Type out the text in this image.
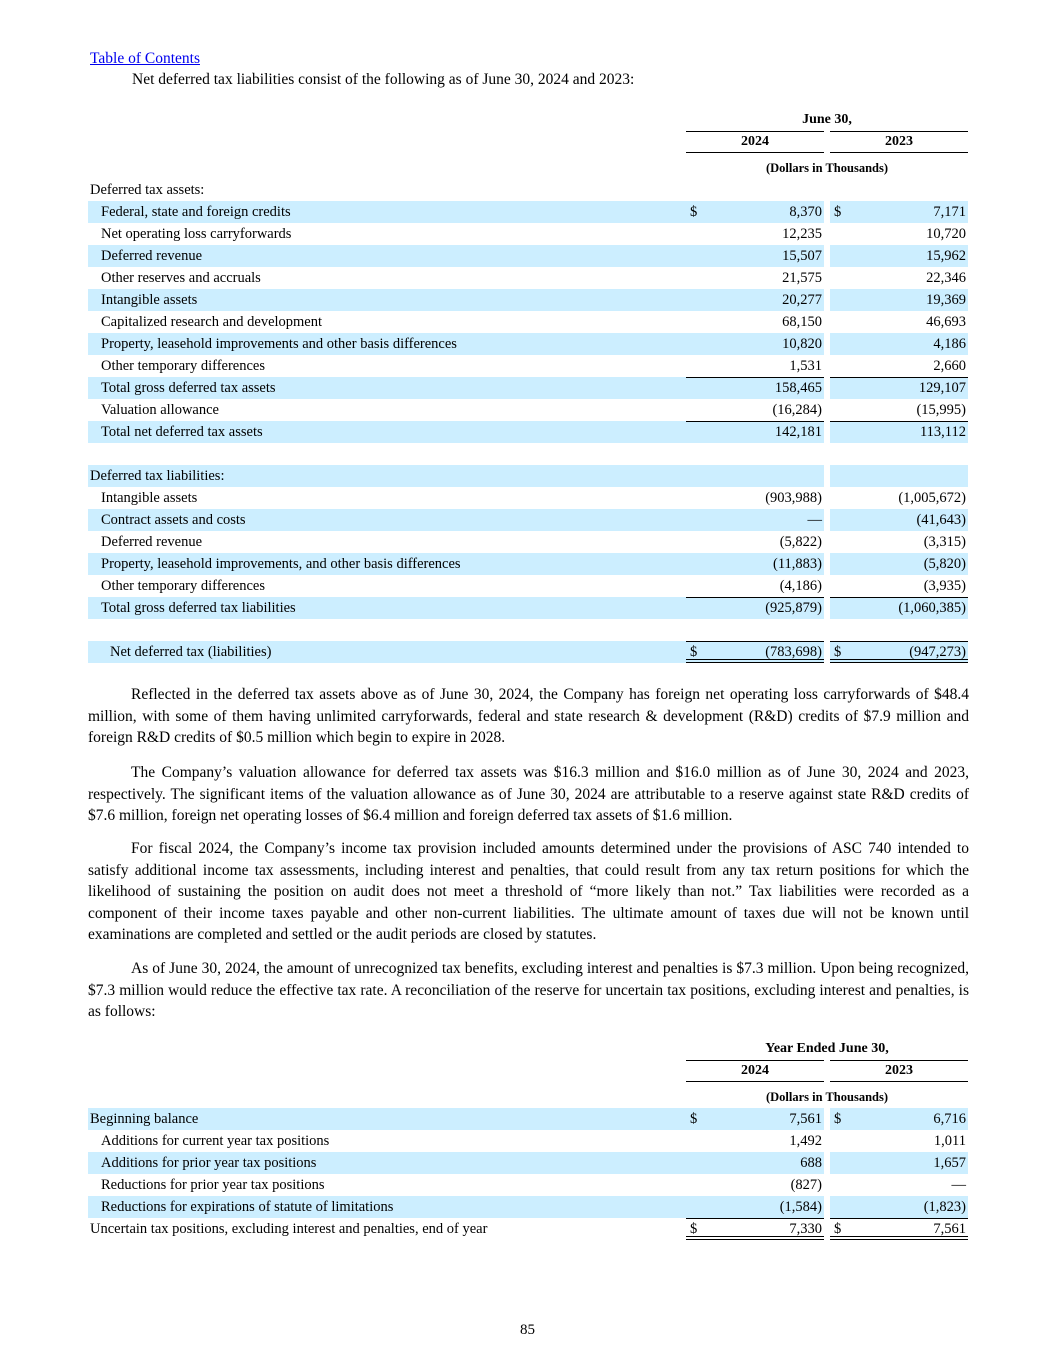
Table of Contents
Net deferred tax liabilities consist of the following as of June 30, 2024 and 2023:
June 30,
2024	2023
(Dollars in Thousands)
Deferred tax assets:
Federal, state and foreign credits	$	8,370 $	7,171
Net operating loss carryforwards	12,235	10,720
Deferred revenue	15,507	15,962
Other reserves and accruals	21,575	22,346
Intangible assets	20,277	19,369
Capitalized research and development	68,150	46,693
Property, leasehold improvements and other basis differences	10,820	4,186
Other temporary differences	1,531	2,660
Total gross deferred tax assets	158,465	129,107
Valuation allowance	(16,284)	(15,995)
Total net deferred tax assets	142,181	113,112
Deferred tax liabilities:
Intangible assets	(903,988)	(1,005,672)
Contract assets and costs	—	(41,643)
Deferred revenue	(5,822)	(3,315)
Property, leasehold improvements, and other basis differences	(11,883)	(5,820)
Other temporary differences	(4,186)	(3,935)
Total gross deferred tax liabilities	(925,879)	(1,060,385)
Net deferred tax (liabilities)	$	(783,698) $	(947,273)

Reflected in the deferred tax assets above as of June 30, 2024, the Company has foreign net operating loss carryforwards of $48.4 million, with some of them having unlimited carryforwards, federal and state research & development (R&D) credits of $7.9 million and foreign R&D credits of $0.5 million which begin to expire in 2028.

The Company’s valuation allowance for deferred tax assets was $16.3 million and $16.0 million as of June 30, 2024 and 2023, respectively. The significant items of the valuation allowance as of June 30, 2024 are attributable to a reserve against state R&D credits of $7.6 million, foreign net operating losses of $6.4 million and foreign deferred tax assets of $1.6 million.

For fiscal 2024, the Company’s income tax provision included amounts determined under the provisions of ASC 740 intended to satisfy additional income tax assessments, including interest and penalties, that could result from any tax return positions for which the likelihood of sustaining the position on audit does not meet a threshold of “more likely than not.” Tax liabilities were recorded as a component of their income taxes payable and other non-current liabilities. The ultimate amount of taxes due will not be known until examinations are completed and settled or the audit periods are closed by statutes.

As of June 30, 2024, the amount of unrecognized tax benefits, excluding interest and penalties is $7.3 million. Upon being recognized, $7.3 million would reduce the effective tax rate. A reconciliation of the reserve for uncertain tax positions, excluding interest and penalties, is as follows:

Year Ended June 30,
2024	2023
(Dollars in Thousands)
Beginning balance	$	7,561 $	6,716
Additions for current year tax positions	1,492	1,011
Additions for prior year tax positions	688	1,657
Reductions for prior year tax positions	(827)	—
Reductions for expirations of statute of limitations	(1,584)	(1,823)
Uncertain tax positions, excluding interest and penalties, end of year	$	7,330 $	7,561
85
